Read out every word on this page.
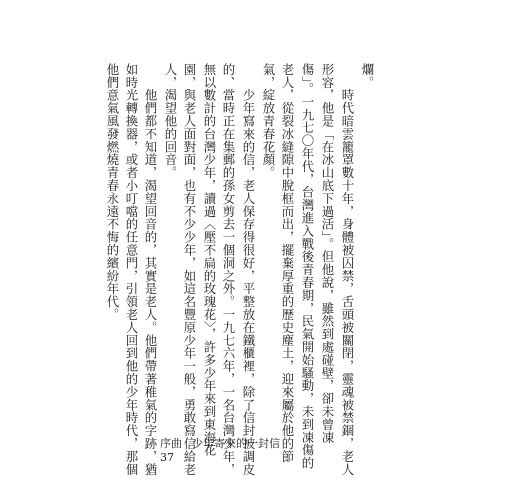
爛。
　　時代暗雲籠罩數十年，身體被囚禁，舌頭被關閉，靈魂被禁錮，老人
形容，他是「在冰山底下過活」。但他說，雖然到處碰壁，卻未曾凍
傷」。一九七〇年代，台灣進入戰後青春期，民氣開始騷動，未到凍傷的
老人，從裂冰縫隙中脫框而出，擺棄厚重的歷史塵土，迎來屬於他的節
氣，綻放青春花顏。
　　少年寫來的信，老人保存得很好，平整放在鐵櫃裡，除了信封被調皮
的、當時正在集郵的孫女剪去一個洞之外。一九七六年，一名台灣少年，
無以數計的台灣少年，讀過〈壓不扁的玫瑰花〉，許多少年來到東海花
園，與老人面對面，也有不少少年，如這名豐原少年一般，勇敢寫信給老
人，渴望他的回音。
　　他們都不知道，渴望回音的，其實是老人。他們帶著稚氣的字跡，猶
如時光轉換器，或者小叮噹的任意門，引領老人回到他的少年時代，那個
他們意氣風發燃燒青春永遠不悔的繽紛年代。
序曲 少年寄來的一封信
37
